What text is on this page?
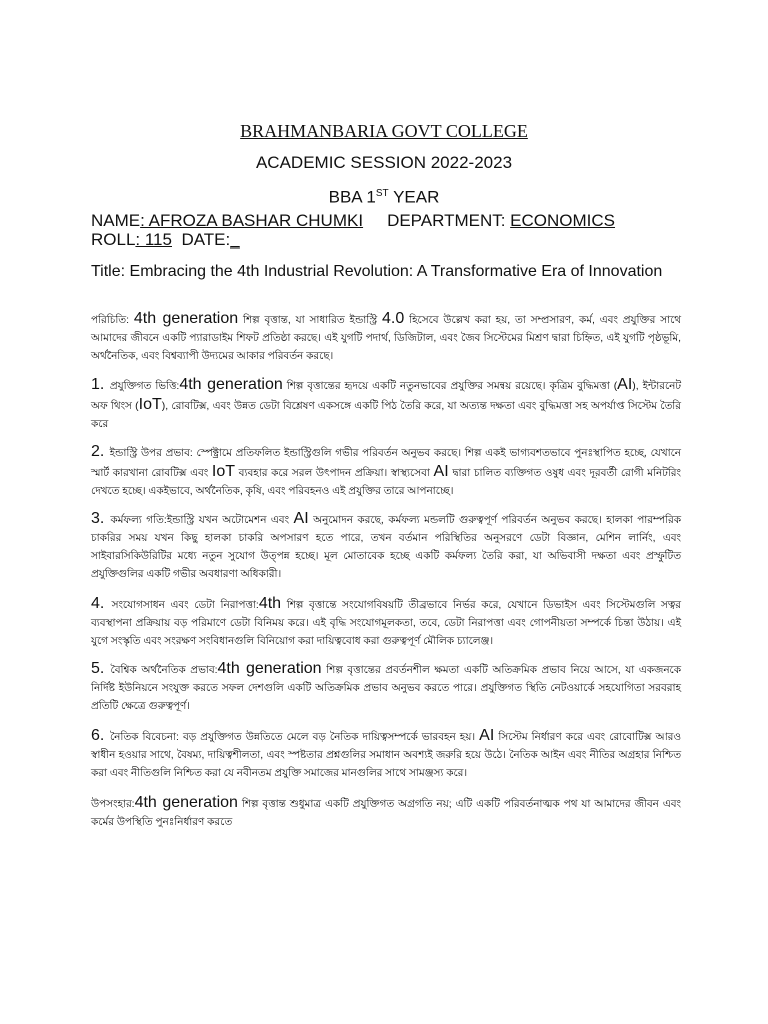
BRAHMANBARIA GOVT COLLEGE
ACADEMIC SESSION 2022-2023
BBA 1ST YEAR
NAME: AFROZA BASHAR CHUMKI DEPARTMENT: ECONOMICSROLL: 115 DATE:_
Title: Embracing the 4th Industrial Revolution: A Transformative Era of Innovation
পরিচিতি: 4th generation শিল্প বৃত্তান্ত, যা সাধারিত ইন্ডাস্ট্রি 4.0 হিসেবে উল্লেখ করা হয়, তা সম্প্রসারণ, কর্ম, এবং প্রযুক্তির সাথে আমাদের জীবনে একটি প্যারাডাইম শিফট প্রতিষ্ঠা করছে। এই যুগটি পদার্থ, ডিজিটাল, এবং জৈব সিস্টেমের মিশ্রণ দ্বারা চিহ্নিত, এই যুগটি পৃষ্ঠভূমি, অর্থনৈতিক, এবং বিশ্বব্যাপী উদ্যমের আকার পরিবর্তন করছে।
1. প্রযুক্তিগত ভিত্তি:4th generation শিল্প বৃত্তান্তের হৃদয়ে একটি নতুনভাবের প্রযুক্তির সমন্বয় রয়েছে। কৃত্রিম বুদ্ধিমত্তা (AI), ইন্টারনেট অফ থিংস (IoT), রোবটিক্স, এবং উন্নত ডেটা বিশ্লেষণ একসঙ্গে একটি পিঠ তৈরি করে, যা অত্যন্ত দক্ষতা এবং বুদ্ধিমত্তা সহ অপর্যাপ্ত সিস্টেম তৈরি করে
2. ইন্ডাস্ট্রি উপর প্রভাব: স্পেক্ট্রামে প্রতিফলিত ইন্ডাস্ট্রিগুলি গভীর পরিবর্তন অনুভব করছে। শিল্প একই ভাগ্যবশতভাবে পুনঃস্থাপিত হচ্ছে, যেখানে স্মার্ট কারখানা রোবটিক্স এবং IoT ব্যবহার করে সরল উৎপাদন প্রক্রিয়া। স্বাস্থ্যসেবা AI দ্বারা চালিত ব্যক্তিগত ওষুধ এবং দূরবর্তী রোগী মনিটরিং দেখতে হচ্ছে। একইভাবে, অর্থনৈতিক, কৃষি, এবং পরিবহনও এই প্রযুক্তির তারে আপনাচ্ছে।
3. কর্মফল্য গতি:ইন্ডাস্ট্রি যখন অটোমেশন এবং AI অনুমোদন করছে, কর্মফল্য মন্ডলটি গুরুত্বপূর্ণ পরিবর্তন অনুভব করছে। হালকা পারম্পরিক চাকরির সময় যখন কিছু হালকা চাকরি অপসারণ হতে পারে, তখন বর্তমান পরিস্থিতির অনুসরণে ডেটা বিজ্ঞান, মেশিন লার্নিং, এবং সাইবারসিকিউরিটির মধ্যে নতুন সুযোগ উত্পন্ন হচ্ছে। মূল মোতাবেক হচ্ছে একটি কর্মফল্য তৈরি করা, যা অভিবাসী দক্ষতা এবং প্রস্ফুটিত প্রযুক্তিগুলির একটি গভীর অবধারণা অধিকারী।
4. সংযোগসাধন এবং ডেটা নিরাপত্তা:4th শিল্প বৃত্তান্তে সংযোগবিষয়টি তীব্রভাবে নির্ভর করে, যেখানে ডিভাইস এবং সিস্টেমগুলি সত্বর ব্যবস্থাপনা প্রক্রিয়ায় বড় পরিমাণে ডেটা বিনিময় করে। এই বৃদ্ধি সংযোগমূলকতা, তবে, ডেটা নিরাপত্তা এবং গোপনীয়তা সম্পর্কে চিন্তা উঠায়। এই যুগে সংস্কৃতি এবং সংরক্ষণ সংবিধানগুলি বিনিয়োগ করা দায়িত্ববোধ করা গুরুত্বপূর্ণ মৌলিক চ্যালেঞ্জ।
5. বৈশ্বিক অর্থনৈতিক প্রভাব:4th generation শিল্প বৃত্তান্তের প্রবর্তনশীল ক্ষমতা একটি অতিক্রমিক প্রভাব নিয়ে আসে, যা একজনকে নির্দিষ্ট ইউনিয়নে সংযুক্ত করতে সফল দেশগুলি একটি অতিক্রমিক প্রভাব অনুভব করতে পারে। প্রযুক্তিগত স্থিতি নেটওয়ার্কে সহযোগিতা সরবরাহ প্রতিটি ক্ষেত্রে গুরুত্বপূর্ণ।
6. নৈতিক বিবেচনা: বড় প্রযুক্তিগত উন্নতিতে মেলে বড় নৈতিক দায়িত্বসম্পর্কে ভারবহন হয়। AI সিস্টেম নির্ধারণ করে এবং রোবোটিক্স আরও স্বাধীন হওয়ার সাথে, বৈষম্য, দায়িত্বশীলতা, এবং স্পষ্টতার প্রশ্নগুলির সমাধান অবশ্যই জরুরি হয়ে উঠে। নৈতিক আইন এবং নীতির অগ্রহার নিশ্চিত করা এবং নীতিগুলি নিশ্চিত করা যে নবীনতম প্রযুক্তি সমাজের মানগুলির সাথে সামঞ্জস্য করে।
উপসংহার:4th generation শিল্প বৃত্তান্ত শুধুমাত্র একটি প্রযুক্তিগত অগ্রগতি নয়; এটি একটি পরিবর্তনাত্মক পথ যা আমাদের জীবন এবং কর্মের উপস্থিতি পুনঃনির্ধারণ করতে
